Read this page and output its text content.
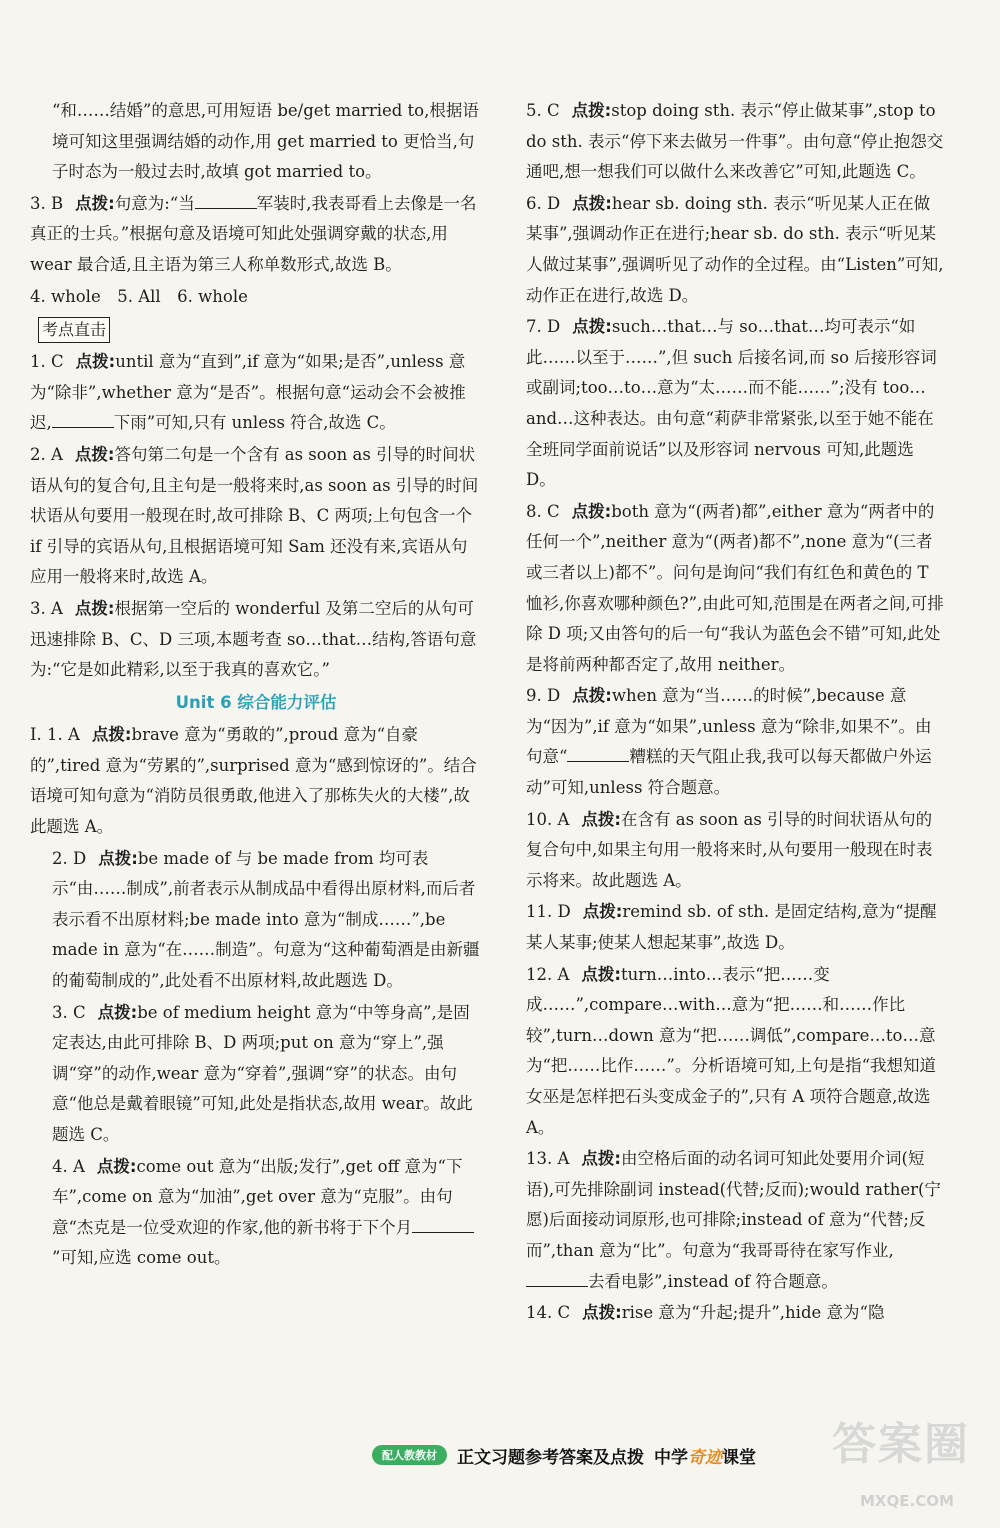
“和……结婚”的意思,可用短语 be/get married to,根据语境可知这里强调结婚的动作,用 get married to 更恰当,句子时态为一般过去时,故填 got married to。
3. B 点拨:句意为:“当	军装时,我表哥看上去像是一名真正的士兵。”根据句意及语境可知此处强调穿戴的状态,用 wear 最合适,且主语为第三人称单数形式,故选 B。
4. whole　5. All　6. whole
考点直击
1. C 点拨:until 意为“直到”,if 意为“如果;是否”,unless 意为“除非”,whether 意为“是否”。根据句意“运动会不会被推迟,	下雨”可知,只有 unless 符合,故选 C。
2. A 点拨:答句第二句是一个含有 as soon as 引导的时间状语从句的复合句,且主句是一般将来时,as soon as 引导的时间状语从句要用一般现在时,故可排除 B、C 两项;上句包含一个 if 引导的宾语从句,且根据语境可知 Sam 还没有来,宾语从句应用一般将来时,故选 A。
3. A 点拨:根据第一空后的 wonderful 及第二空后的从句可迅速排除 B、C、D 三项,本题考查 so…that…结构,答语句意为:“它是如此精彩,以至于我真的喜欢它。”
Unit 6 综合能力评估
Ⅰ. 1. A 点拨:brave 意为“勇敢的”,proud 意为“自豪的”,tired 意为“劳累的”,surprised 意为“感到惊讶的”。结合语境可知句意为“消防员很勇敢,他进入了那栋失火的大楼”,故此题选 A。
2. D 点拨:be made of 与 be made from 均可表示“由……制成”,前者表示从制成品中看得出原材料,而后者表示看不出原材料;be made into 意为“制成……”,be made in 意为“在……制造”。句意为“这种葡萄酒是由新疆的葡萄制成的”,此处看不出原材料,故此题选 D。
3. C 点拨:be of medium height 意为“中等身高”,是固定表达,由此可排除 B、D 两项;put on 意为“穿上”,强调“穿”的动作,wear 意为“穿着”,强调“穿”的状态。由句意“他总是戴着眼镜”可知,此处是指状态,故用 wear。故此题选 C。
4. A 点拨:come out 意为“出版;发行”,get off 意为“下车”,come on 意为“加油”,get over 意为“克服”。由句意“杰克是一位受欢迎的作家,他的新书将于下个月”可知,应选 come out。
5. C 点拨:stop doing sth. 表示“停止做某事”,stop to do sth. 表示“停下来去做另一件事”。由句意“停止抱怨交通吧,想一想我们可以做什么来改善它”可知,此题选 C。
6. D 点拨:hear sb. doing sth. 表示“听见某人正在做某事”,强调动作正在进行;hear sb. do sth. 表示“听见某人做过某事”,强调听见了动作的全过程。由“Listen”可知,动作正在进行,故选 D。
7. D 点拨:such…that…与 so…that…均可表示“如此……以至于……”,但 such 后接名词,而 so 后接形容词或副词;too…to…意为“太……而不能……”;没有 too…and…这种表达。由句意“莉萨非常紧张,以至于她不能在全班同学面前说话”以及形容词 nervous 可知,此题选 D。
8. C 点拨:both 意为“(两者)都”,either 意为“两者中的任何一个”,neither 意为“(两者)都不”,none 意为“(三者或三者以上)都不”。问句是询问“我们有红色和黄色的 T 恤衫,你喜欢哪种颜色?”,由此可知,范围是在两者之间,可排除 D 项;又由答句的后一句“我认为蓝色会不错”可知,此处是将前两种都否定了,故用 neither。
9. D 点拨:when 意为“当……的时候”,because 意为“因为”,if 意为“如果”,unless 意为“除非,如果不”。由句意“	糟糕的天气阻止我,我可以每天都做户外运动”可知,unless 符合题意。
10. A 点拨:在含有 as soon as 引导的时间状语从句的复合句中,如果主句用一般将来时,从句要用一般现在时表示将来。故此题选 A。
11. D 点拨:remind sb. of sth. 是固定结构,意为“提醒某人某事;使某人想起某事”,故选 D。
12. A 点拨:turn…into…表示“把……变成……”,compare…with…意为“把……和……作比较”,turn…down 意为“把……调低”,compare…to…意为“把……比作……”。分析语境可知,上句是指“我想知道女巫是怎样把石头变成金子的”,只有 A 项符合题意,故选 A。
13. A 点拨:由空格后面的动名词可知此处要用介词(短语),可先排除副词 instead(代替;反而);would rather(宁愿)后面接动词原形,也可排除;instead of 意为“代替;反而”,than 意为“比”。句意为“我哥哥待在家写作业,去看电影”,instead of 符合题意。
14. C 点拨:rise 意为“升起;提升”,hide 意为“隐
配人教教材	正文习题参考答案及点拨 中学奇迹课堂 答案圈
MXQE.COM
